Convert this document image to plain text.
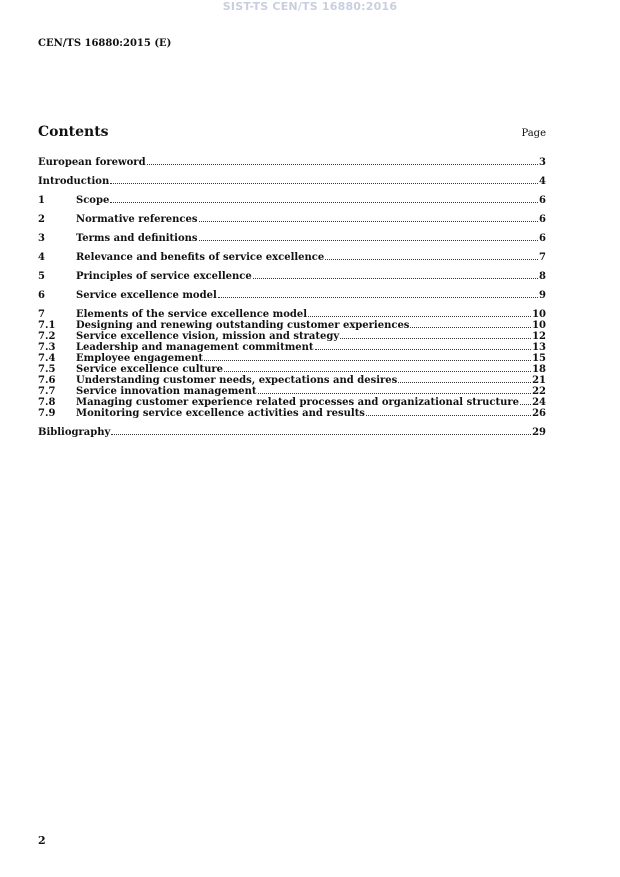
SIST-TS CEN/TS 16880:2016
CEN/TS 16880:2015 (E)
Contents	Page
European foreword	3
Introduction	4
1	Scope	6
2	Normative references	6
3	Terms and definitions	6
4	Relevance and benefits of service excellence	7
5	Principles of service excellence	8
6	Service excellence model	9
7	Elements of the service excellence model	10
7.1	Designing and renewing outstanding customer experiences	10
7.2	Service excellence vision, mission and strategy	12
7.3	Leadership and management commitment	13
7.4	Employee engagement	15
7.5	Service excellence culture	18
7.6	Understanding customer needs, expectations and desires	21
7.7	Service innovation management	22
7.8	Managing customer experience related processes and organizational structure 24
7.9	Monitoring service excellence activities and results	26
Bibliography	29
2
